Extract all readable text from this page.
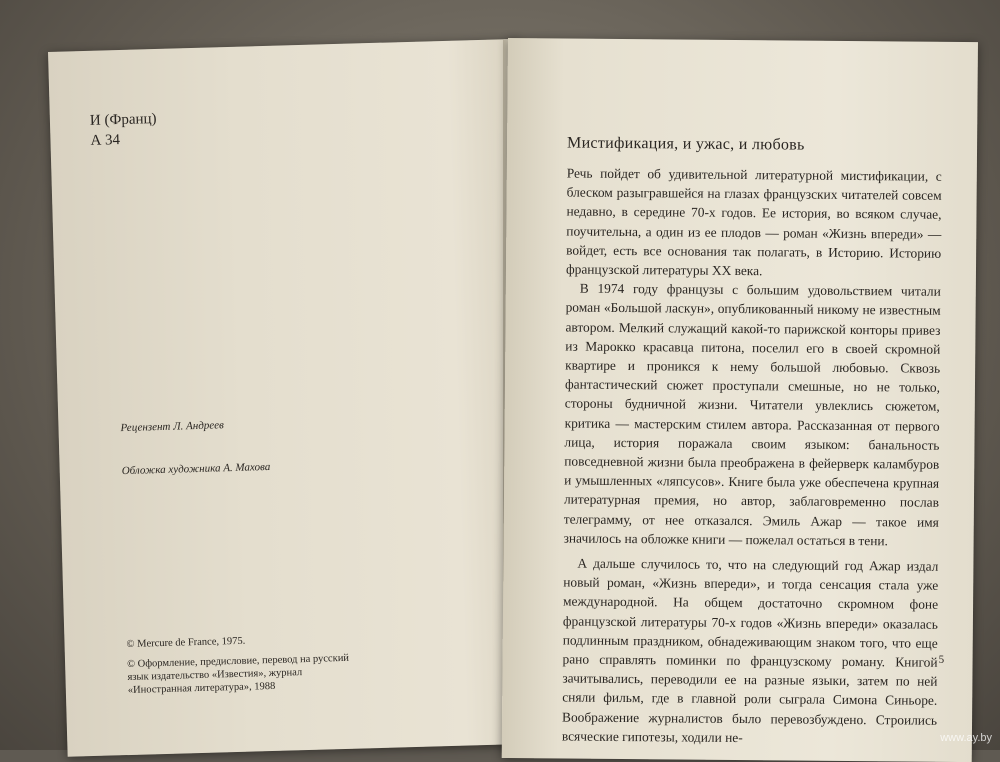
И (Франц)
А 34
Рецензент Л. Андреев
Обложка художника А. Махова
© Mercure de France, 1975.
© Оформление, предисловие, перевод на русский язык издательство «Известия», журнал «Иностранная литература», 1988
Мистификация, и ужас, и любовь

Речь пойдет об удивительной литературной мистификации, с блеском разыгравшейся на глазах французских читателей совсем недавно, в середине 70-х годов. Ее история, во всяком случае, поучительна, а один из ее плодов — роман «Жизнь впереди» — войдет, есть все основания так полагать, в Историю. Историю французской литературы XX века.

В 1974 году французы с большим удовольствием читали роман «Большой ласкун», опубликованный никому не известным автором. Мелкий служащий какой-то парижской конторы привез из Марокко красавца питона, поселил его в своей скромной квартире и проникся к нему большой любовью. Сквозь фантастический сюжет проступали смешные, но не только, стороны будничной жизни. Читатели увлеклись сюжетом, критика — мастерским стилем автора. Рассказанная от первого лица, история поражала своим языком: банальность повседневной жизни была преображена в фейерверк каламбуров и умышленных «ляпсусов». Книге была уже обеспечена крупная литературная премия, но автор, заблаговременно послав телеграмму, от нее отказался. Эмиль Ажар — такое имя значилось на обложке книги — пожелал остаться в тени.

А дальше случилось то, что на следующий год Ажар издал новый роман, «Жизнь впереди», и тогда сенсация стала уже международной. На общем достаточно скромном фоне французской литературы 70-х годов «Жизнь впереди» оказалась подлинным праздником, обнадеживающим знаком того, что еще рано справлять поминки по французскому роману. Книгой зачитывались, переводили ее на разные языки, затем по ней сняли фильм, где в главной роли сыграла Симона Синьоре. Воображение журналистов было перевозбуждено. Строились всяческие гипотезы, ходили не-

5
www.ay.by
